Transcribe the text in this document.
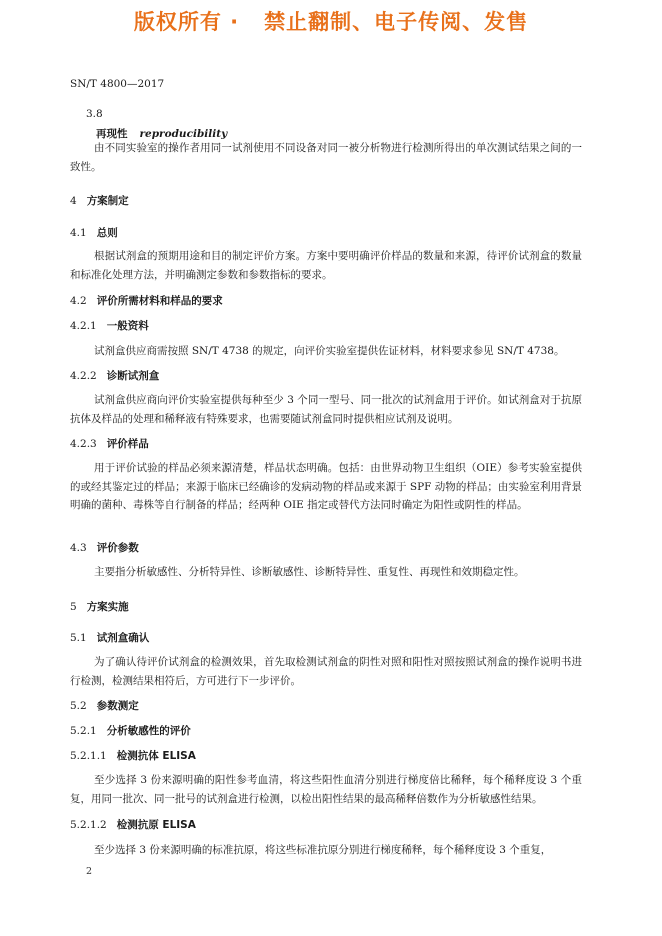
版权所有 ·   禁止翻制、电子传阅、发售
SN/T 4800—2017
3.8
再现性 reproducibility
由不同实验室的操作者用同一试剂使用不同设备对同一被分析物进行检测所得出的单次测试结果之间的一致性。
4 方案制定
4.1 总则
根据试剂盒的预期用途和目的制定评价方案。方案中要明确评价样品的数量和来源，待评价试剂盒的数量和标准化处理方法，并明确测定参数和参数指标的要求。
4.2 评价所需材料和样品的要求
4.2.1 一般资料
试剂盒供应商需按照 SN/T 4738 的规定，向评价实验室提供佐证材料，材料要求参见 SN/T 4738。
4.2.2 诊断试剂盒
试剂盒供应商向评价实验室提供每种至少 3 个同一型号、同一批次的试剂盒用于评价。如试剂盒对于抗原抗体及样品的处理和稀释液有特殊要求，也需要随试剂盒同时提供相应试剂及说明。
4.2.3 评价样品
用于评价试验的样品必须来源清楚，样品状态明确。包括：由世界动物卫生组织（OIE）参考实验室提供的或经其鉴定过的样品；来源于临床已经确诊的发病动物的样品或来源于 SPF 动物的样品；由实验室利用背景明确的菌种、毒株等自行制备的样品；经两种 OIE 指定或替代方法同时确定为阳性或阴性的样品。
4.3 评价参数
主要指分析敏感性、分析特异性、诊断敏感性、诊断特异性、重复性、再现性和效期稳定性。
5 方案实施
5.1 试剂盒确认
为了确认待评价试剂盒的检测效果，首先取检测试剂盒的阴性对照和阳性对照按照试剂盒的操作说明书进行检测，检测结果相符后，方可进行下一步评价。
5.2 参数测定
5.2.1 分析敏感性的评价
5.2.1.1 检测抗体 ELISA
至少选择 3 份来源明确的阳性参考血清，将这些阳性血清分别进行梯度倍比稀释，每个稀释度设 3 个重复，用同一批次、同一批号的试剂盒进行检测，以检出阳性结果的最高稀释倍数作为分析敏感性结果。
5.2.1.2 检测抗原 ELISA
至少选择 3 份来源明确的标准抗原，将这些标准抗原分别进行梯度稀释，每个稀释度设 3 个重复，
2
